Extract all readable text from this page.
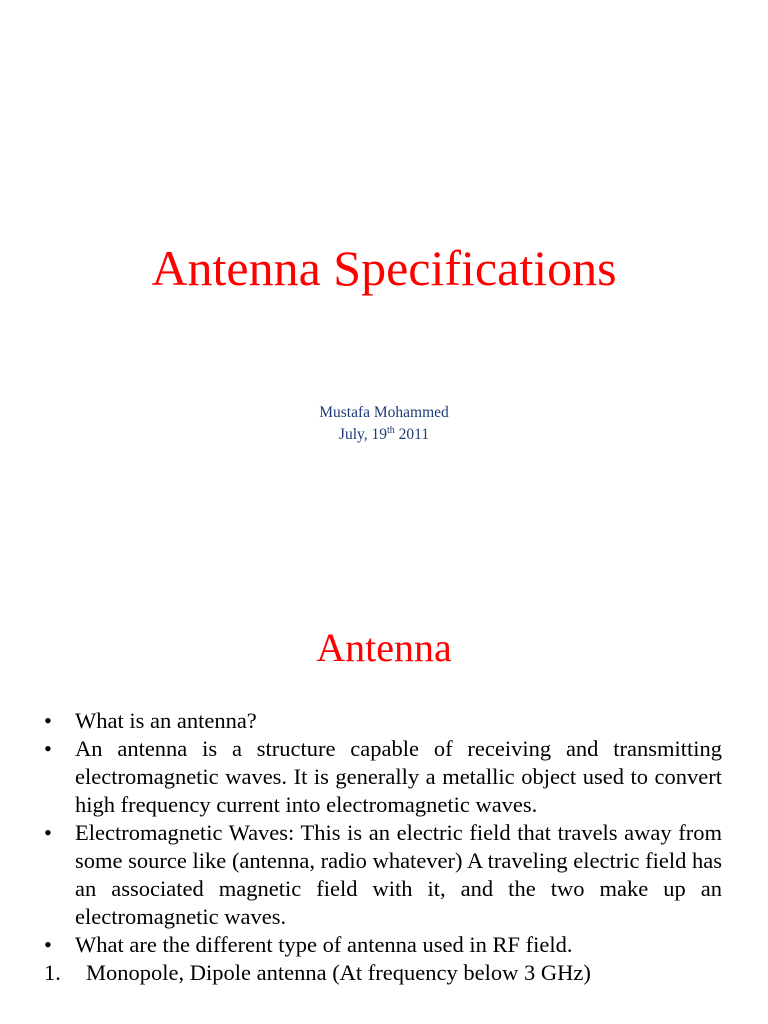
Antenna Specifications
Mustafa Mohammed
July, 19th 2011
Antenna
• What is an antenna?
• An antenna is a structure capable of receiving and transmitting electromagnetic waves. It is generally a metallic object used to convert high frequency current into electromagnetic waves.
• Electromagnetic Waves: This is an electric field that travels away from some source like (antenna, radio whatever) A traveling electric field has an associated magnetic field with it, and the two make up an electromagnetic waves.
• What are the different type of antenna used in RF field.
1. Monopole, Dipole antenna (At frequency below 3 GHz)
